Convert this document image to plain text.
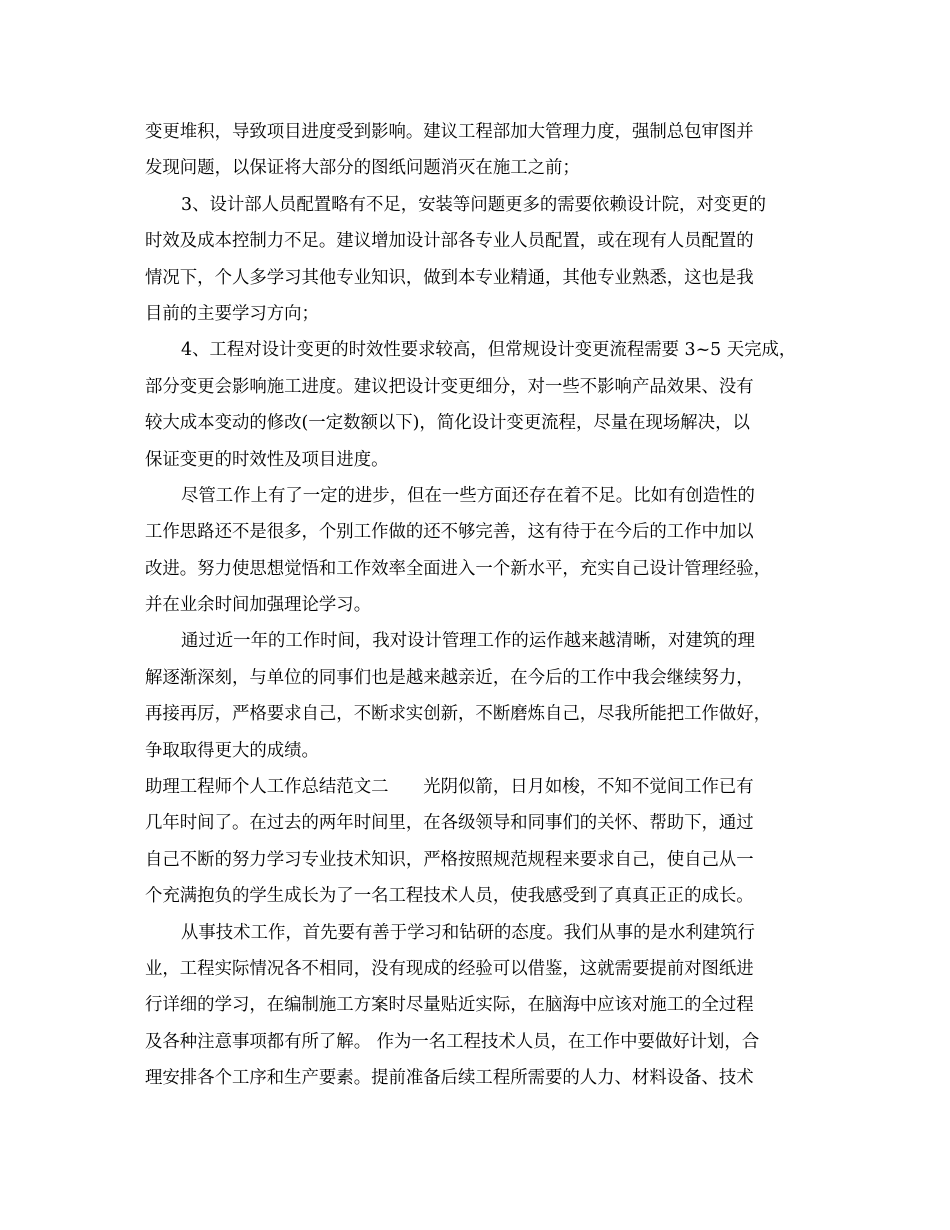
变更堆积，导致项目进度受到影响。建议工程部加大管理力度，强制总包审图并
发现问题，以保证将大部分的图纸问题消灭在施工之前；
3、设计部人员配置略有不足，安装等问题更多的需要依赖设计院，对变更的
时效及成本控制力不足。建议增加设计部各专业人员配置，或在现有人员配置的
情况下，个人多学习其他专业知识，做到本专业精通，其他专业熟悉，这也是我
目前的主要学习方向；
4、工程对设计变更的时效性要求较高，但常规设计变更流程需要 3~5 天完成，
部分变更会影响施工进度。建议把设计变更细分，对一些不影响产品效果、没有
较大成本变动的修改(一定数额以下)，简化设计变更流程，尽量在现场解决，以
保证变更的时效性及项目进度。
尽管工作上有了一定的进步，但在一些方面还存在着不足。比如有创造性的
工作思路还不是很多，个别工作做的还不够完善，这有待于在今后的工作中加以
改进。努力使思想觉悟和工作效率全面进入一个新水平，充实自己设计管理经验，
并在业余时间加强理论学习。
通过近一年的工作时间，我对设计管理工作的运作越来越清晰，对建筑的理
解逐渐深刻，与单位的同事们也是越来越亲近，在今后的工作中我会继续努力，
再接再厉，严格要求自己，不断求实创新，不断磨炼自己，尽我所能把工作做好，
争取取得更大的成绩。
助理工程师个人工作总结范文二　　光阴似箭，日月如梭，不知不觉间工作已有
几年时间了。在过去的两年时间里，在各级领导和同事们的关怀、帮助下，通过
自己不断的努力学习专业技术知识，严格按照规范规程来要求自己，使自己从一
个充满抱负的学生成长为了一名工程技术人员，使我感受到了真真正正的成长。
从事技术工作，首先要有善于学习和钻研的态度。我们从事的是水利建筑行
业，工程实际情况各不相同，没有现成的经验可以借鉴，这就需要提前对图纸进
行详细的学习，在编制施工方案时尽量贴近实际，在脑海中应该对施工的全过程
及各种注意事项都有所了解。 作为一名工程技术人员，在工作中要做好计划，合
理安排各个工序和生产要素。提前准备后续工程所需要的人力、材料设备、技术
